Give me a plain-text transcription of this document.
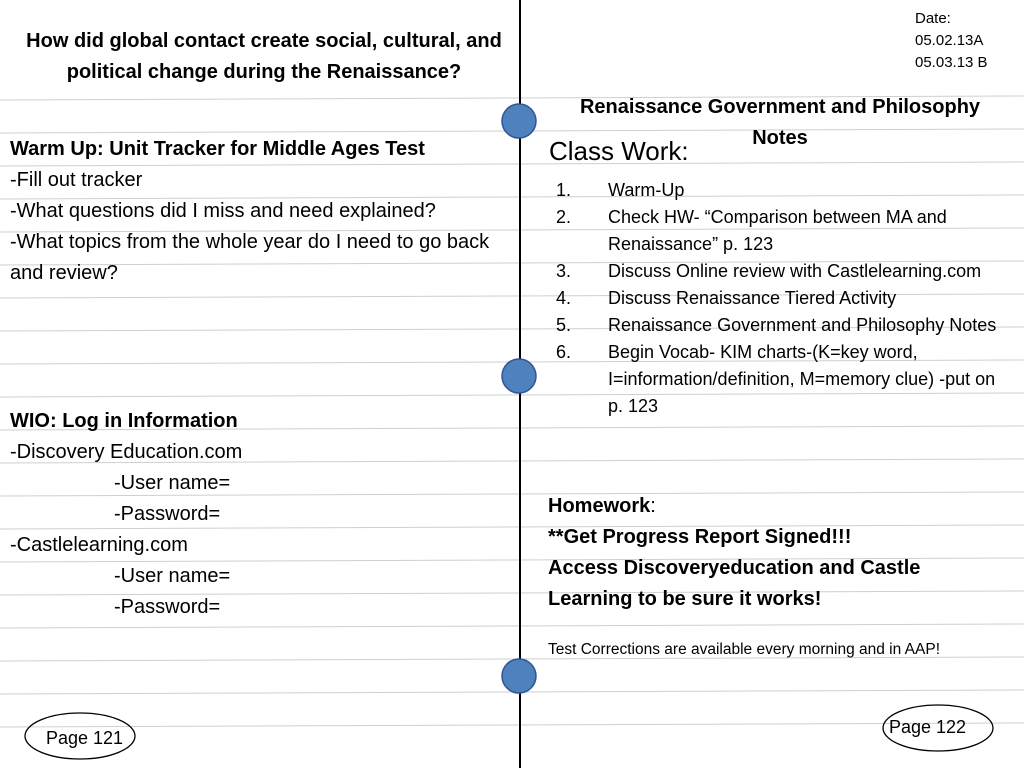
How did global contact create social, cultural, and political change during the Renaissance?
Date:
05.02.13A
05.03.13 B
Renaissance Government and Philosophy Notes
Warm Up: Unit Tracker for Middle Ages Test
-Fill out tracker
-What questions did I miss and need explained?
-What topics from the whole year do I need to go back and review?
WIO: Log in Information
-Discovery Education.com
-User name=
-Password=
-Castlelearning.com
-User name=
-Password=
Class Work:
1. Warm-Up
2. Check HW- “Comparison between MA and Renaissance” p. 123
3. Discuss Online review with Castlelearning.com
4. Discuss Renaissance Tiered Activity
5. Renaissance Government and Philosophy Notes
6. Begin Vocab- KIM charts-(K=key word, I=information/definition, M=memory clue) -put on p. 123
Homework:
**Get Progress Report Signed!!!
Access Discoveryeducation and Castle Learning to be sure it works!
Test Corrections are available every morning and in AAP!
Page 121
Page 122
